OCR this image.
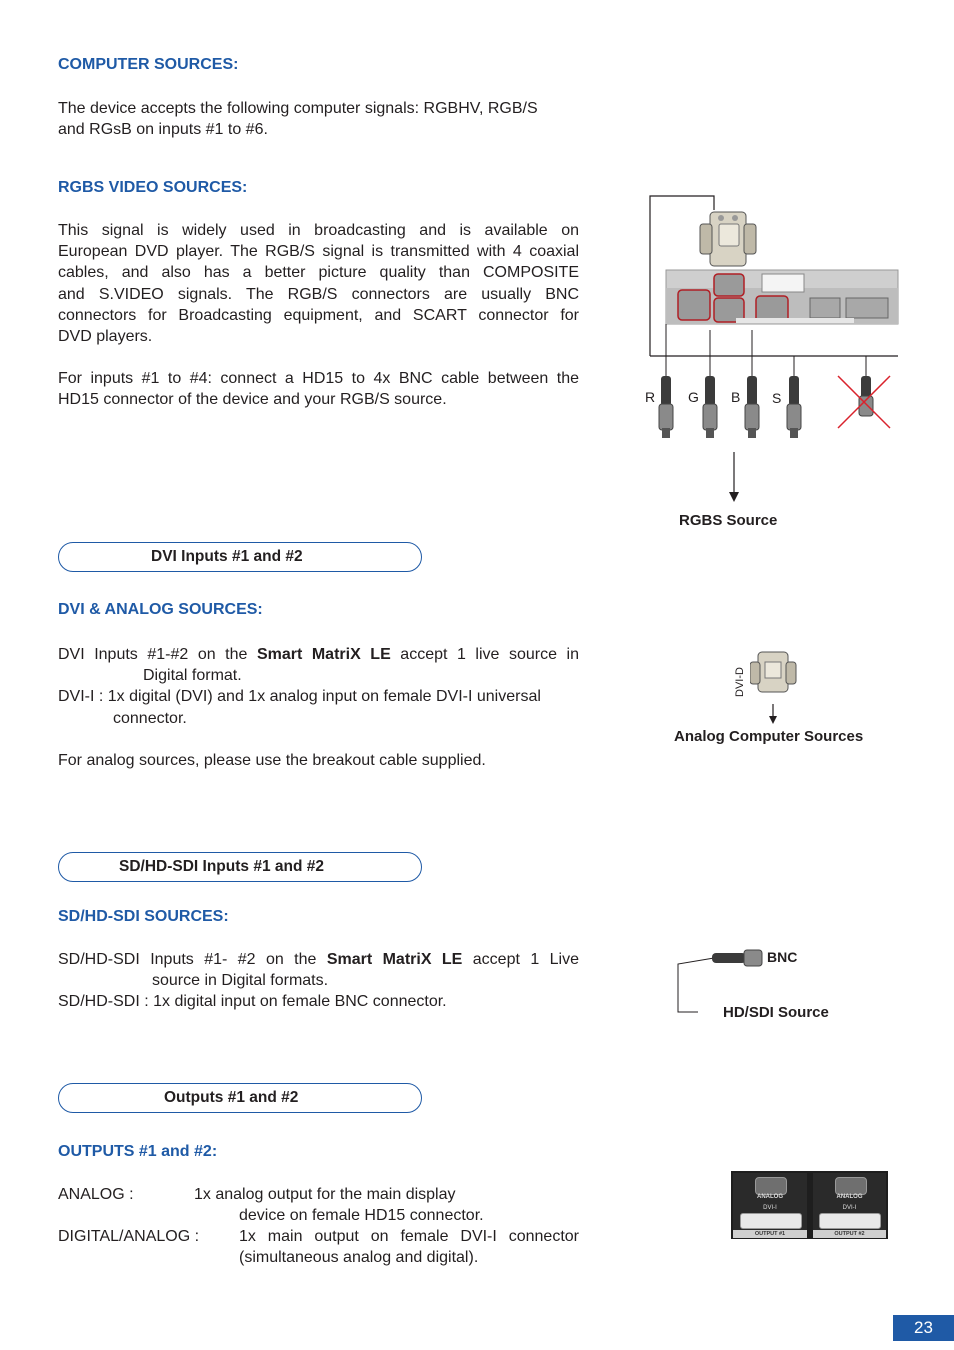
COMPUTER SOURCES:
The device accepts the following computer signals: RGBHV, RGB/S
and RGsB on inputs #1 to #6.
RGBS VIDEO SOURCES:
This signal is widely used in broadcasting and is available on
European DVD player. The RGB/S signal is transmitted with 4 coaxial
cables, and also has a better picture quality than COMPOSITE
and S.VIDEO signals. The RGB/S connectors are usually BNC
connectors for Broadcasting equipment, and SCART connector for
DVD players.
For inputs #1 to #4: connect a HD15 to 4x BNC cable between the
HD15 connector of the device and your RGB/S source.	R G B S
RGBS Source
DVI Inputs #1 and #2
DVI & ANALOG SOURCES:
DVI Inputs #1-#2 on the Smart MatriX LE accept 1 live source in
Digital format.
DVI-I : 1x digital (DVI) and 1x analog input on female DVI-I universal
connector.
For analog sources, please use the breakout cable supplied.
DVI-D
Analog Computer Sources
SD/HD-SDI Inputs #1 and #2
SD/HD-SDI SOURCES:
SD/HD-SDI Inputs #1- #2 on the Smart MatriX LE accept 1 Live
source in Digital formats.
SD/HD-SDI : 1x digital input on female BNC connector.
BNC
HD/SDI Source
Outputs #1 and #2
OUTPUTS #1 and #2:
ANALOG :	1x analog output for the main display
device on female HD15 connector.
DIGITAL/ANALOG : 1x main output on female DVI-I connector
(simultaneous analog and digital).
ANALOG
DVI-I
OUTPUT #1
ANALOG
DVI-I
OUTPUT #2
23
